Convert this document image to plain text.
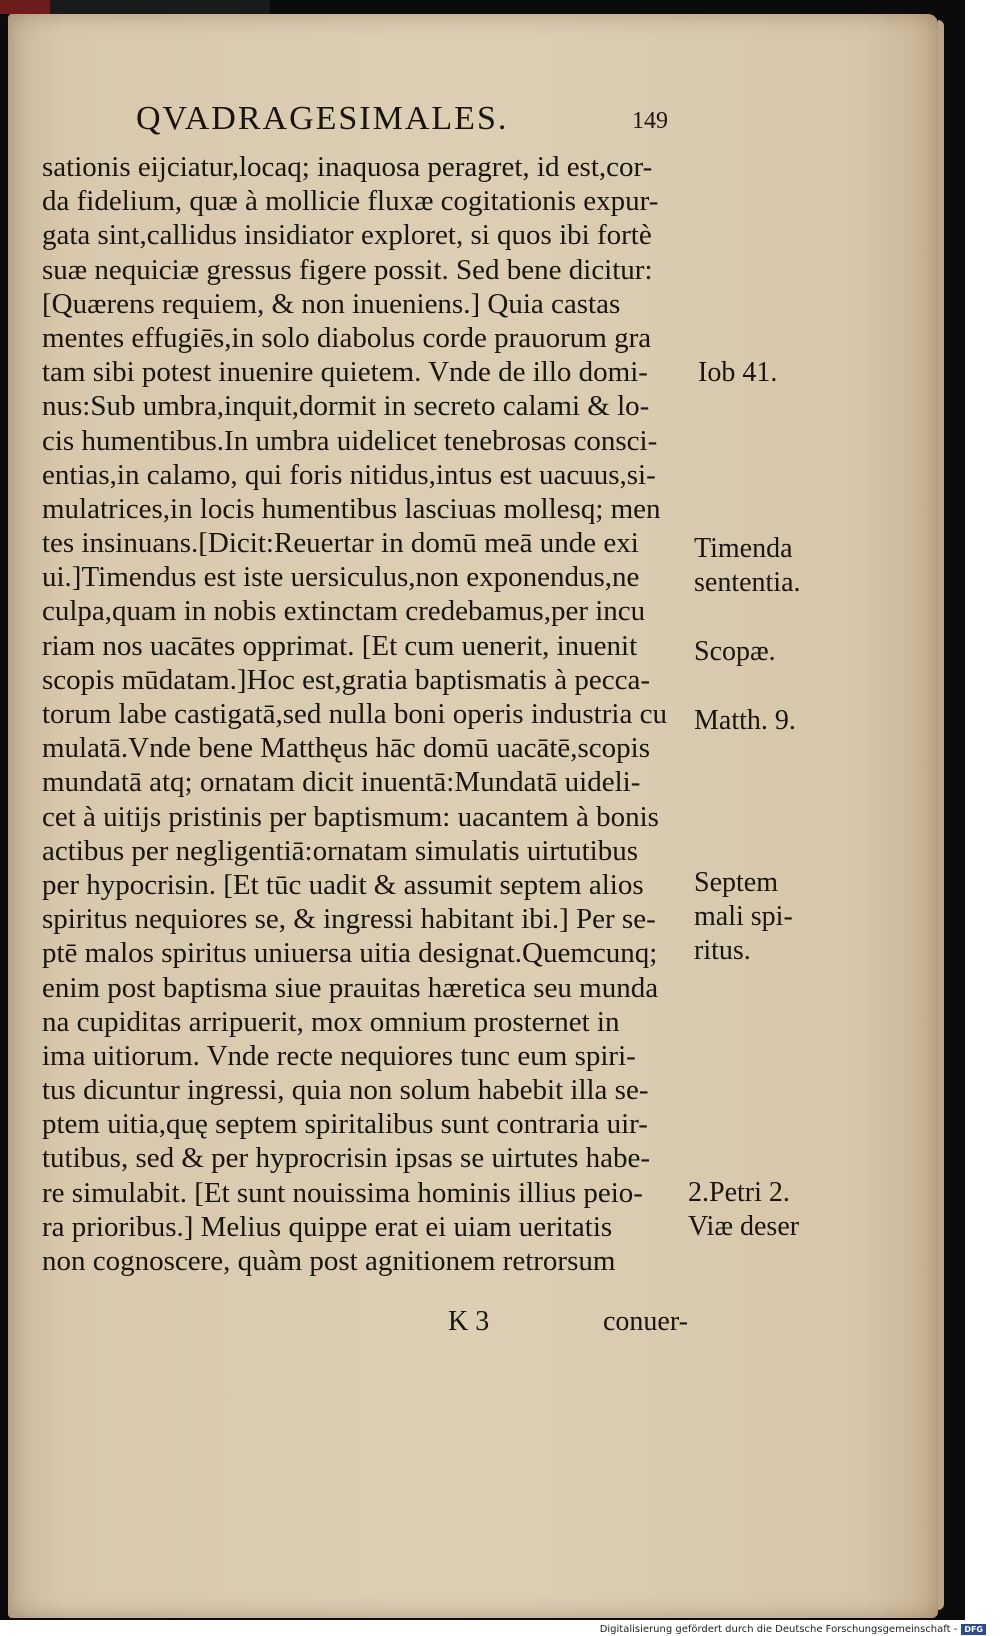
QVADRAGESIMALES.	149
sationis eijciatur,locaq; inaquosa peragret, id est,cor-
da fidelium, quæ à mollicie fluxæ cogitationis expur-
gata sint,callidus insidiator exploret, si quos ibi fortè
suæ nequiciæ gressus figere possit. Sed bene dicitur:
[Quærens requiem, & non inueniens.] Quia castas
mentes effugiēs,in solo diabolus corde prauorum gra
tam sibi potest inuenire quietem. Vnde de illo domi-
nus:Sub umbra,inquit,dormit in secreto calami & lo-
cis humentibus.In umbra uidelicet tenebrosas consci-
entias,in calamo, qui foris nitidus,intus est uacuus,si-
mulatrices,in locis humentibus lasciuas mollesq; men
tes insinuans.[Dicit:Reuertar in domū meā unde exi
ui.]Timendus est iste uersiculus,non exponendus,ne
culpa,quam in nobis extinctam credebamus,per incu
riam nos uacātes opprimat. [Et cum uenerit, inuenit
scopis mūdatam.]Hoc est,gratia baptismatis à pecca-
torum labe castigatā,sed nulla boni operis industria cu
mulatā.Vnde bene Matthęus hāc domū uacātē,scopis
mundatā atq; ornatam dicit inuentā:Mundatā uideli-
cet à uitijs pristinis per baptismum: uacantem à bonis
actibus per negligentiā:ornatam simulatis uirtutibus
per hypocrisin. [Et tūc uadit & assumit septem alios
spiritus nequiores se, & ingressi habitant ibi.] Per se-
ptē malos spiritus uniuersa uitia designat.Quemcunq;
enim post baptisma siue prauitas hæretica seu munda
na cupiditas arripuerit, mox omnium prosternet in
ima uitiorum. Vnde recte nequiores tunc eum spiri-
tus dicuntur ingressi, quia non solum habebit illa se-
ptem uitia,quę septem spiritalibus sunt contraria uir-
tutibus, sed & per hyprocrisin ipsas se uirtutes habe-
re simulabit. [Et sunt nouissima hominis illius peio-
ra prioribus.] Melius quippe erat ei uiam ueritatis
non cognoscere, quàm post agnitionem retrorsum
Iob 41.
Timenda
sententia.
Scopæ.
Matth. 9.
Septem
mali spi-
ritus.
2.Petri 2.
Viæ deser
K 3	conuer-
Digitalisierung gefördert durch die Deutsche Forschungsgemeinschaft - DFG
